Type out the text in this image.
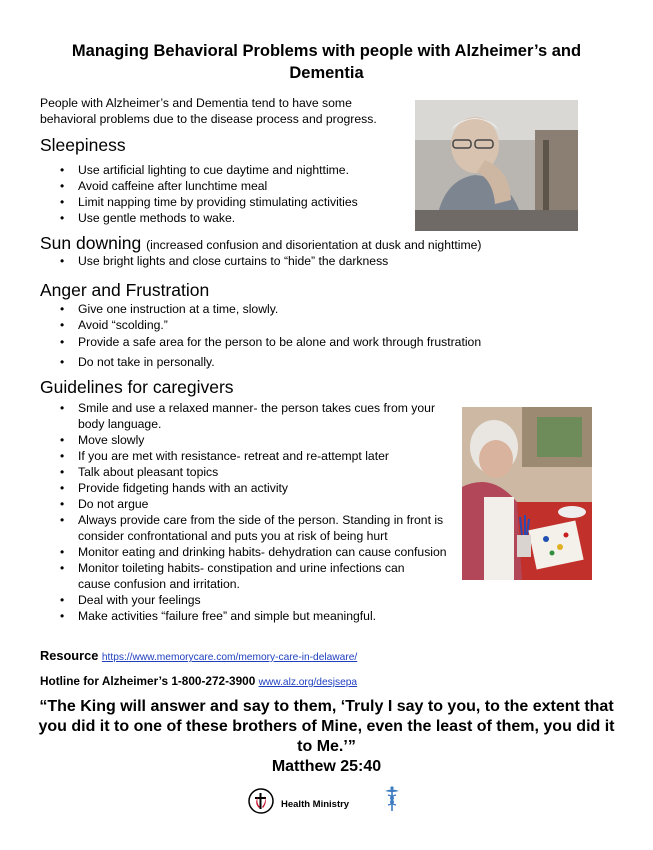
Managing Behavioral Problems with people with Alzheimer’s and Dementia
People with Alzheimer’s and Dementia tend to have some behavioral problems due to the disease process and progress.
Sleepiness
• Use artificial lighting to cue daytime and nighttime.
• Avoid caffeine after lunchtime meal
• Limit napping time by providing stimulating activities
• Use gentle methods to wake.
Sun downing (increased confusion and disorientation at dusk and nighttime)
• Use bright lights and close curtains to “hide” the darkness
Anger and Frustration
• Give one instruction at a time, slowly.
• Avoid “scolding.”
• Provide a safe area for the person to be alone and work through frustration
• Do not take in personally.
Guidelines for caregivers
• Smile and use a relaxed manner- the person takes cues from your body language.
• Move slowly
• If you are met with resistance- retreat and re-attempt later
• Talk about pleasant topics
• Provide fidgeting hands with an activity
• Do not argue
• Always provide care from the side of the person. Standing in front is consider confrontational and puts you at risk of being hurt
• Monitor eating and drinking habits- dehydration can cause confusion
• Monitor toileting habits- constipation and urine infections can cause confusion and irritation.
• Deal with your feelings
• Make activities “failure free” and simple but meaningful.
Resource https://www.memorycare.com/memory-care-in-delaware/
Hotline for Alzheimer’s 1-800-272-3900 www.alz.org/desjsepa
“The King will answer and say to them, ‘Truly I say to you, to the extent that you did it to one of these brothers of Mine, even the least of them, you did it to Me.’”
Matthew 25:40
Health Ministry
